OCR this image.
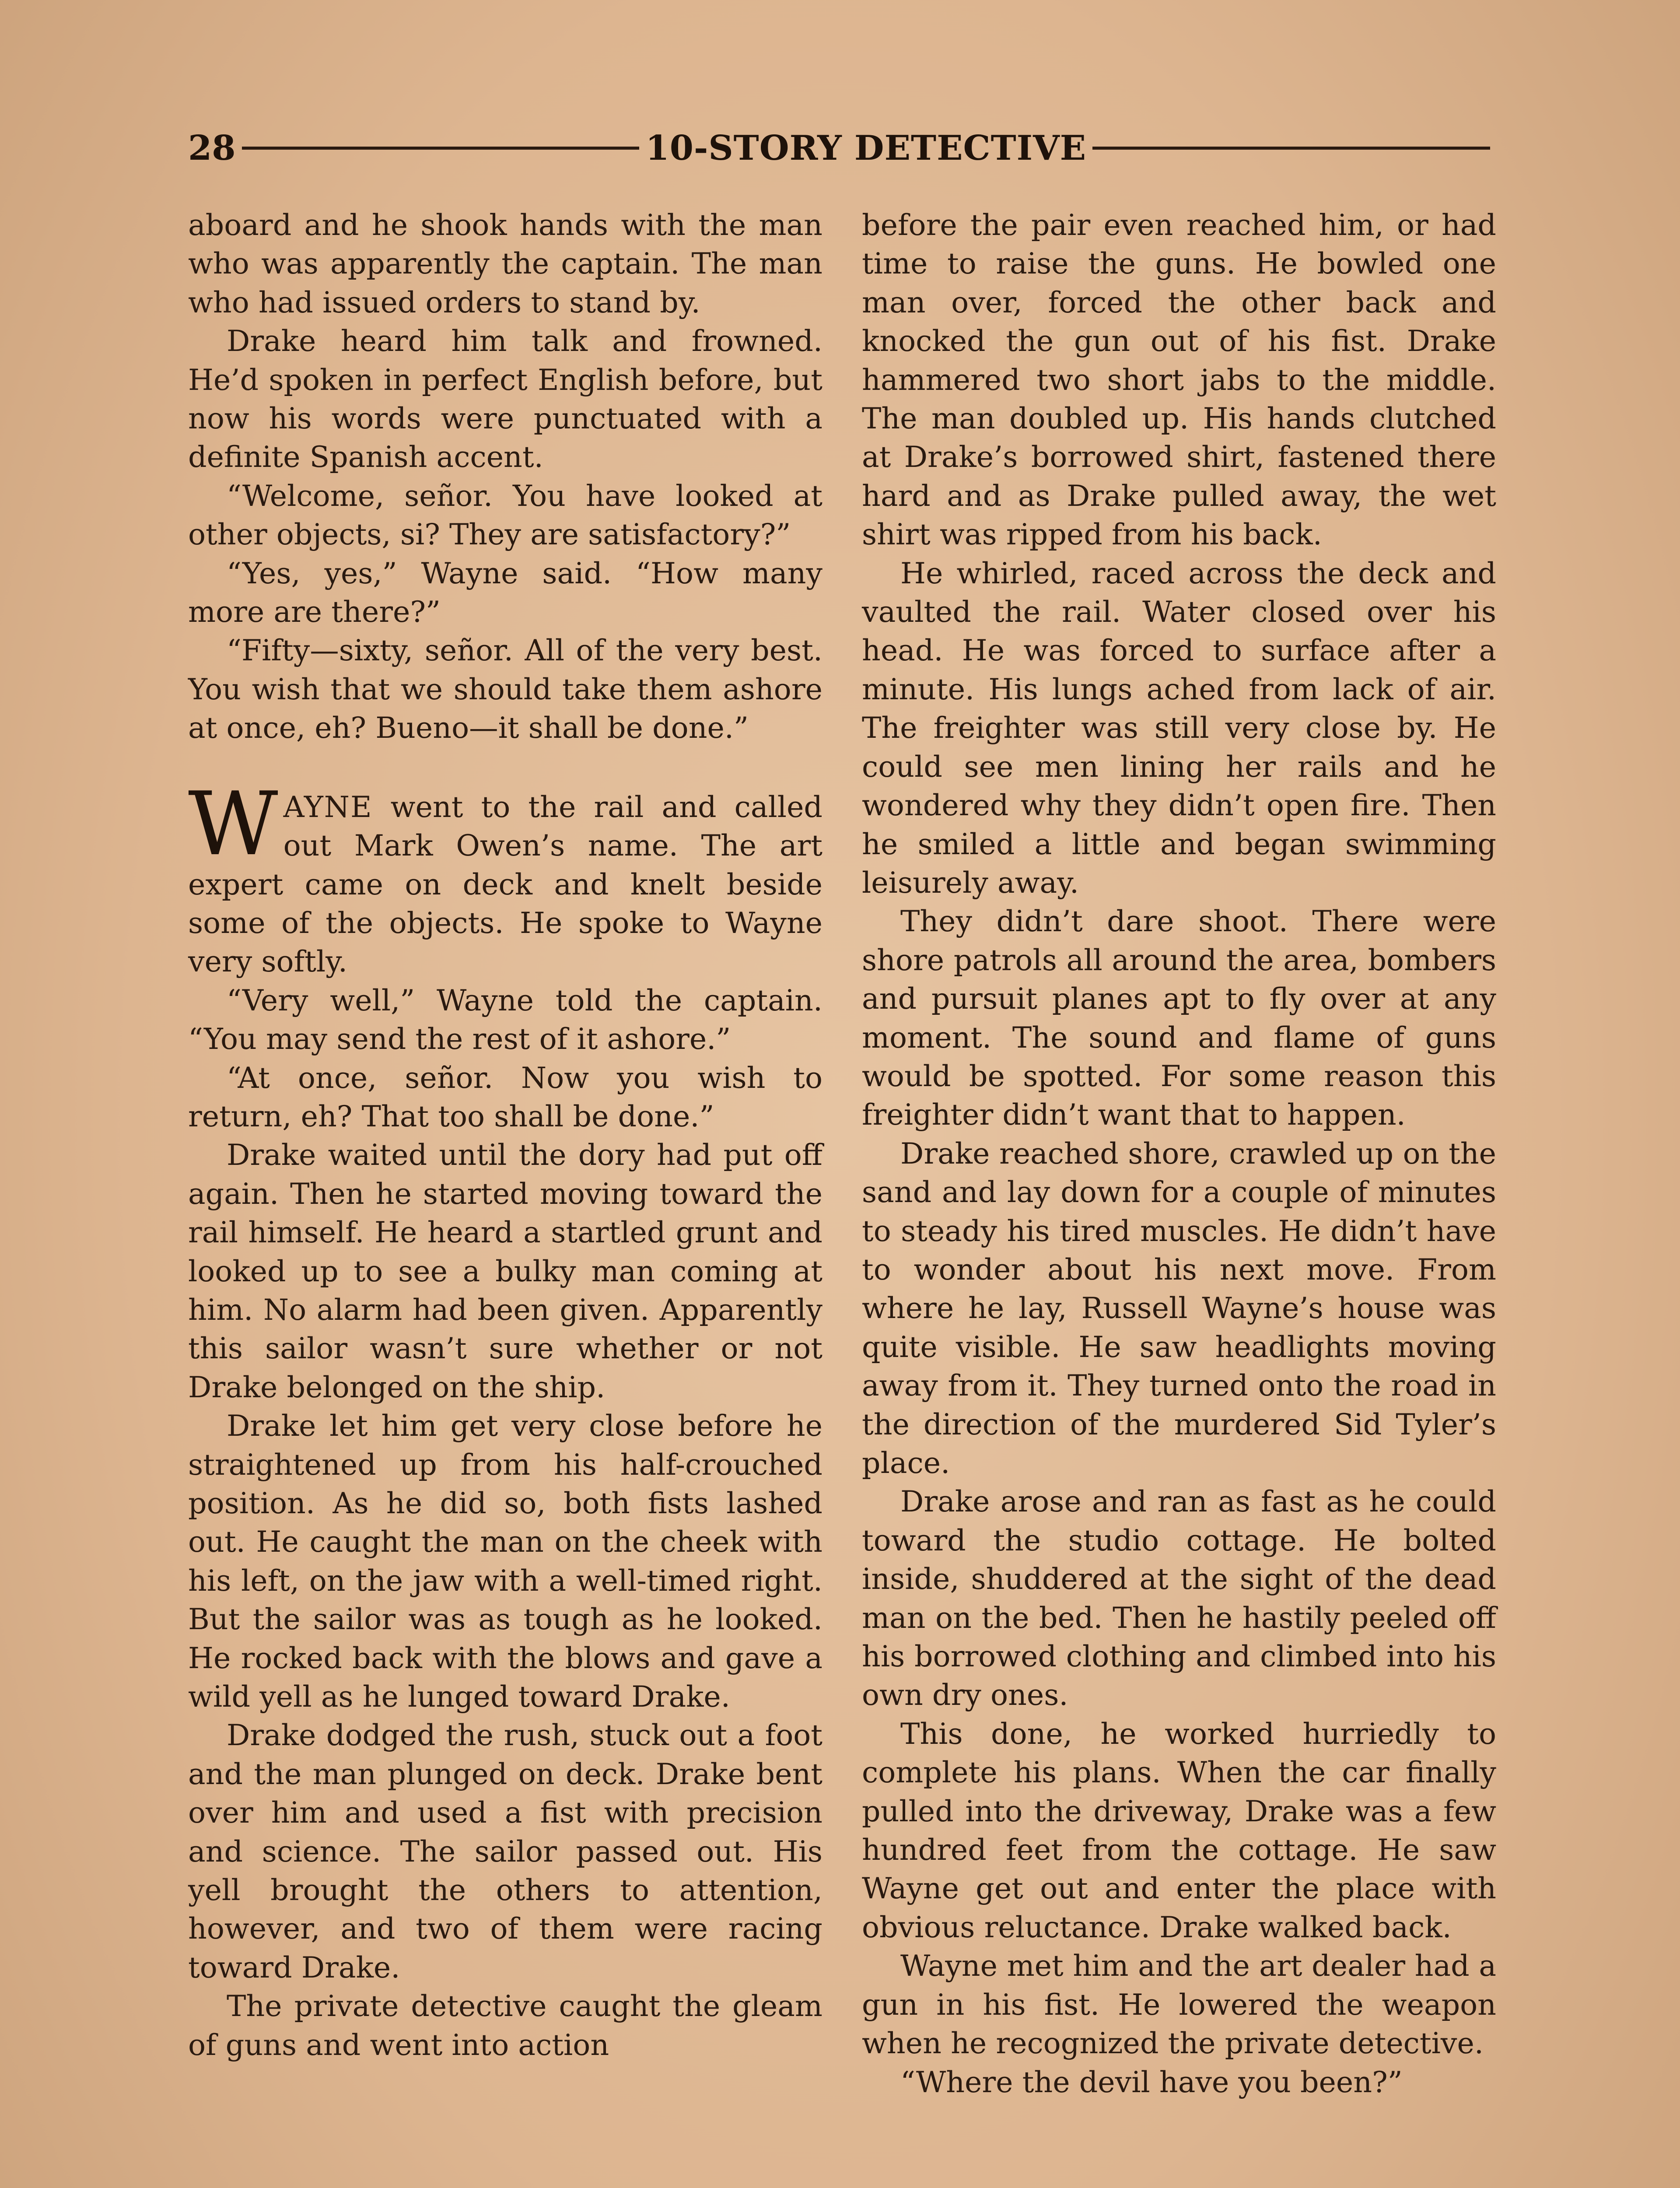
28	10-STORY DETECTIVE

aboard and he shook hands with the man who was apparently the captain. The man who had issued orders to stand by.

Drake heard him talk and frowned. He’d spoken in perfect English before, but now his words were punctuated with a definite Spanish accent.

“Welcome, señor. You have looked at other objects, si? They are satisfactory?”

“Yes, yes,” Wayne said. “How many more are there?”

“Fifty—sixty, señor. All of the very best. You wish that we should take them ashore at once, eh? Bueno—it shall be done.”

WAYNE went to the rail and called out Mark Owen’s name. The art expert came on deck and knelt beside some of the objects. He spoke to Wayne very softly.

“Very well,” Wayne told the captain. “You may send the rest of it ashore.”

“At once, señor. Now you wish to return, eh? That too shall be done.”

Drake waited until the dory had put off again. Then he started moving toward the rail himself. He heard a startled grunt and looked up to see a bulky man coming at him. No alarm had been given. Apparently this sailor wasn’t sure whether or not Drake belonged on the ship.

Drake let him get very close before he straightened up from his half-crouched position. As he did so, both fists lashed out. He caught the man on the cheek with his left, on the jaw with a well-timed right. But the sailor was as tough as he looked. He rocked back with the blows and gave a wild yell as he lunged toward Drake.

Drake dodged the rush, stuck out a foot and the man plunged on deck. Drake bent over him and used a fist with precision and science. The sailor passed out. His yell brought the others to attention, however, and two of them were racing toward Drake.

The private detective caught the gleam of guns and went into action

before the pair even reached him, or had time to raise the guns. He bowled one man over, forced the other back and knocked the gun out of his fist. Drake hammered two short jabs to the middle. The man doubled up. His hands clutched at Drake’s borrowed shirt, fastened there hard and as Drake pulled away, the wet shirt was ripped from his back.

He whirled, raced across the deck and vaulted the rail. Water closed over his head. He was forced to surface after a minute. His lungs ached from lack of air. The freighter was still very close by. He could see men lining her rails and he wondered why they didn’t open fire. Then he smiled a little and began swimming leisurely away.

They didn’t dare shoot. There were shore patrols all around the area, bombers and pursuit planes apt to fly over at any moment. The sound and flame of guns would be spotted. For some reason this freighter didn’t want that to happen.

Drake reached shore, crawled up on the sand and lay down for a couple of minutes to steady his tired muscles. He didn’t have to wonder about his next move. From where he lay, Russell Wayne’s house was quite visible. He saw headlights moving away from it. They turned onto the road in the direction of the murdered Sid Tyler’s place.

Drake arose and ran as fast as he could toward the studio cottage. He bolted inside, shuddered at the sight of the dead man on the bed. Then he hastily peeled off his borrowed clothing and climbed into his own dry ones.

This done, he worked hurriedly to complete his plans. When the car finally pulled into the driveway, Drake was a few hundred feet from the cottage. He saw Wayne get out and enter the place with obvious reluctance. Drake walked back.

Wayne met him and the art dealer had a gun in his fist. He lowered the weapon when he recognized the private detective.

“Where the devil have you been?”
